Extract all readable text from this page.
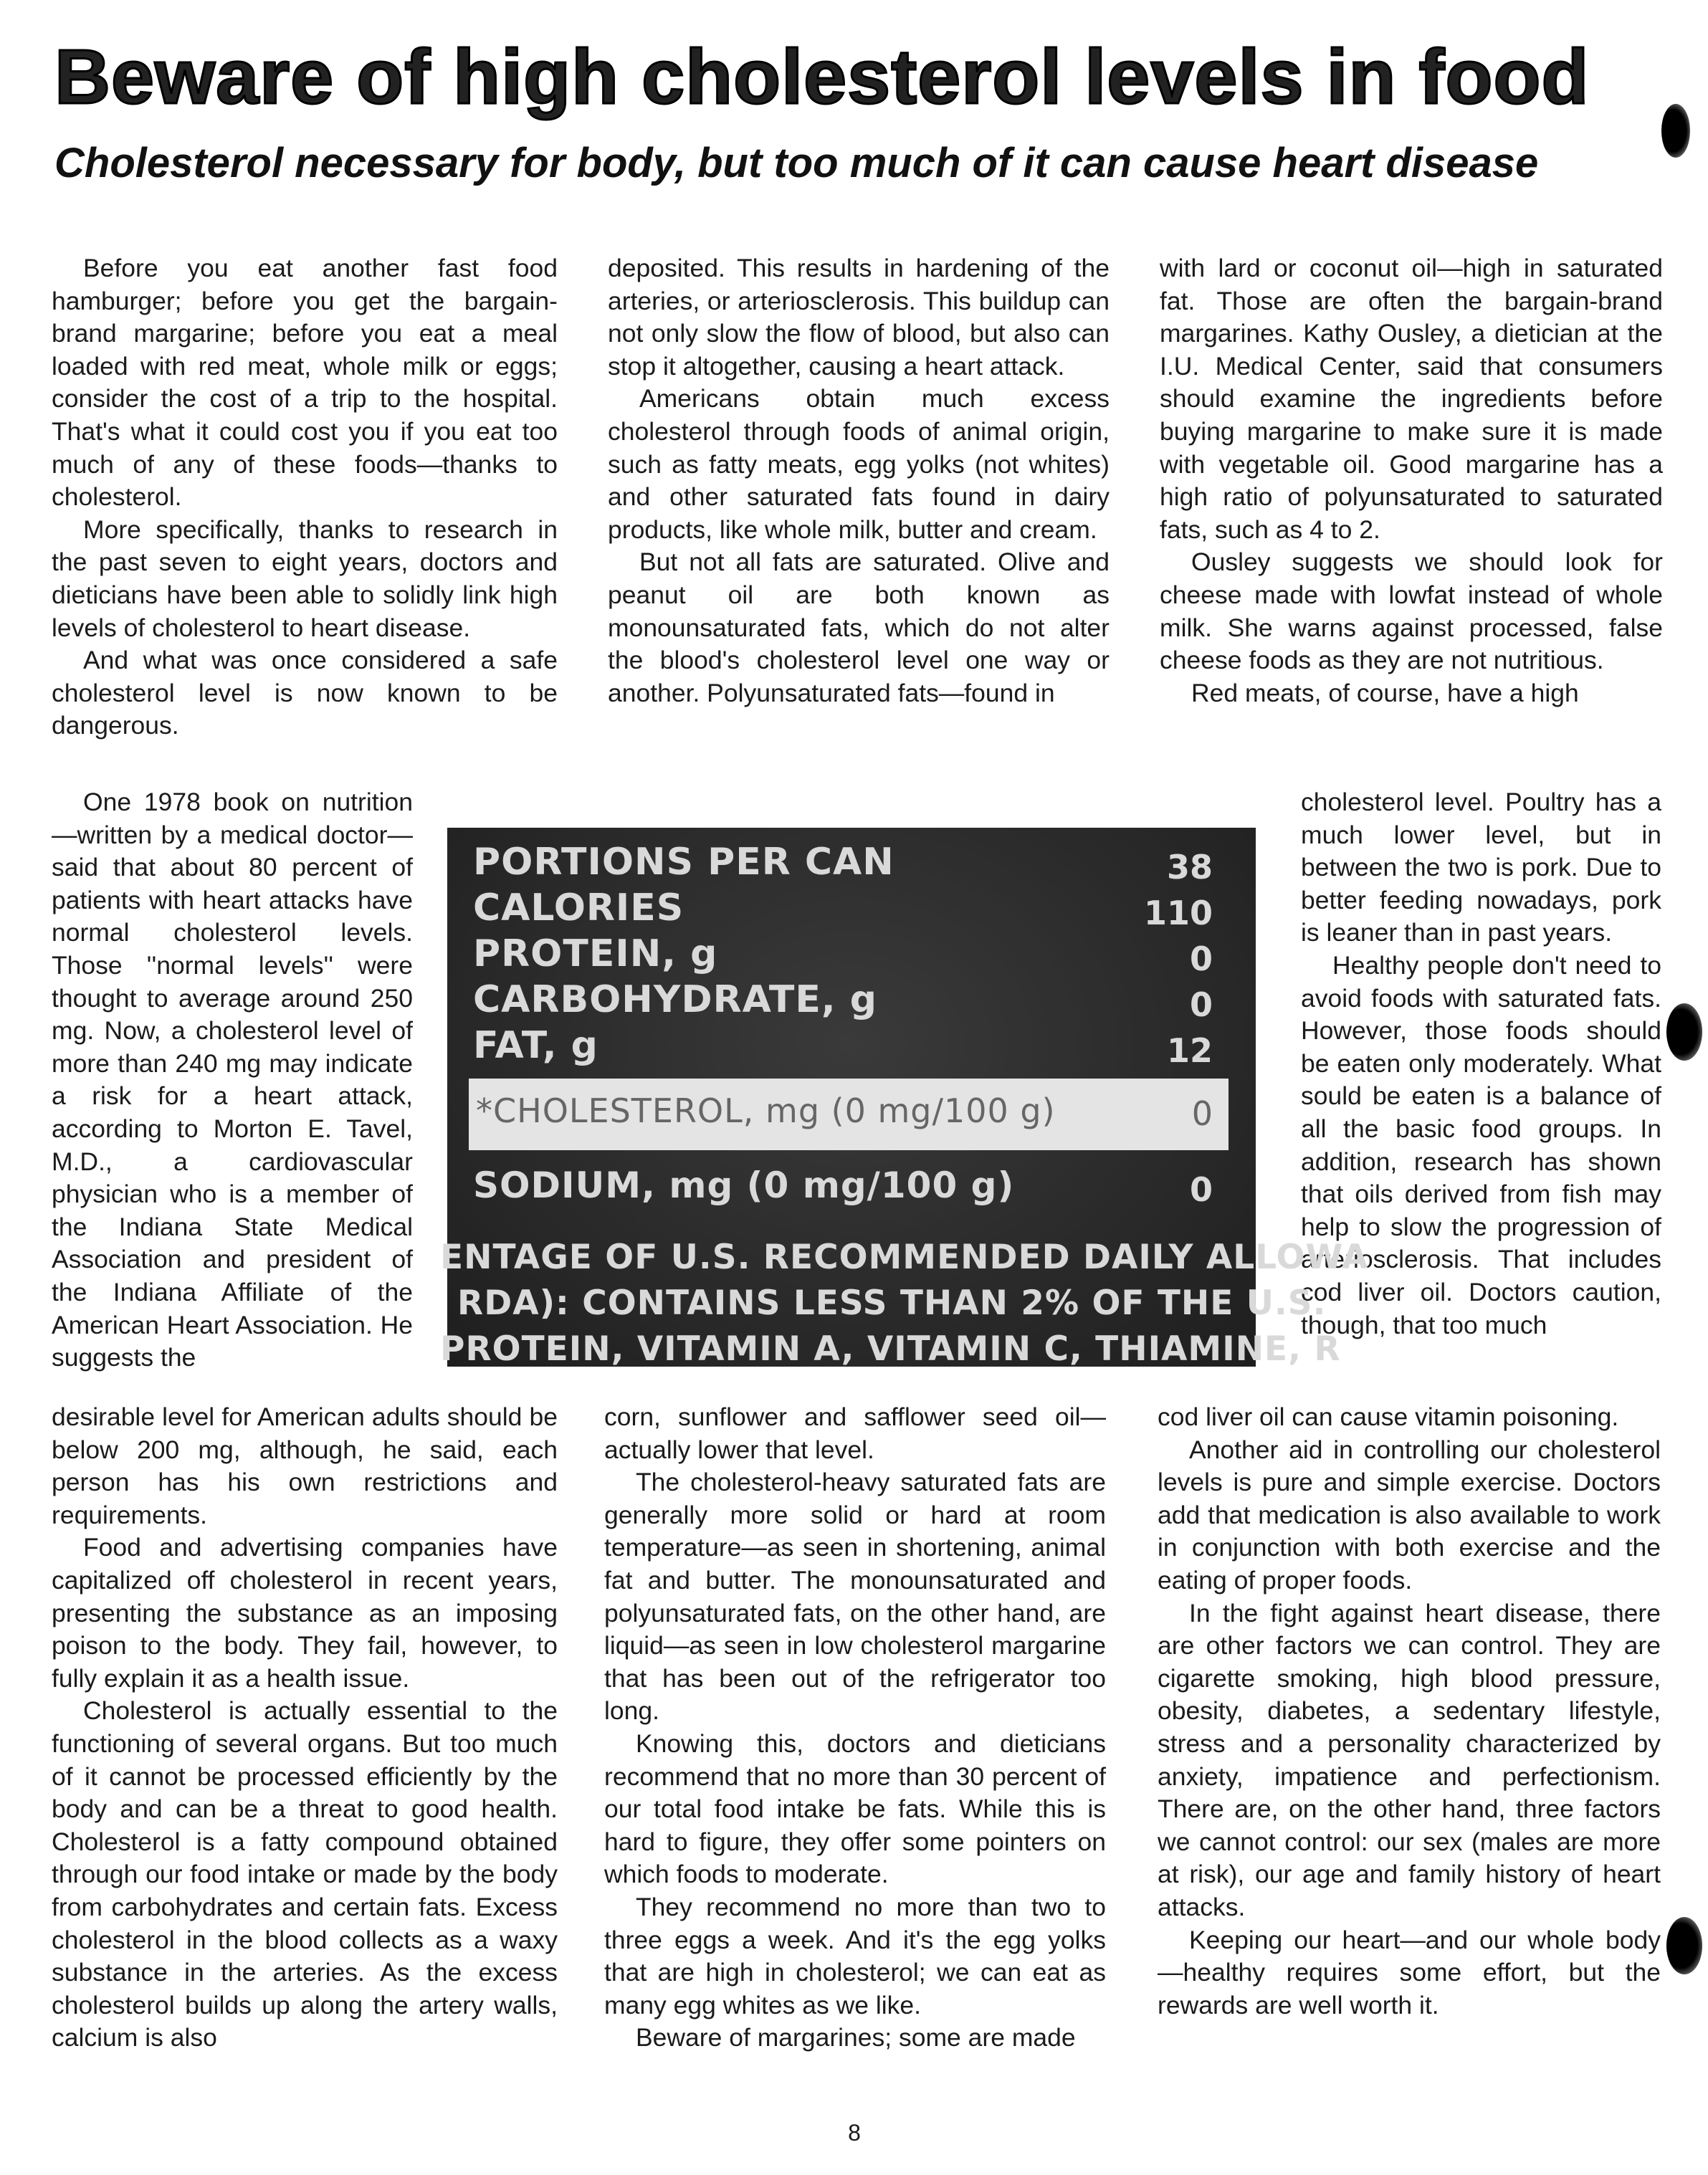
Beware of high cholesterol levels in food
Cholesterol necessary for body, but too much of it can cause heart disease

Before you eat another fast food hamburger; before you get the bargain-brand margarine; before you eat a meal loaded with red meat, whole milk or eggs; consider the cost of a trip to the hospital. That's what it could cost you if you eat too much of any of these foods—thanks to cholesterol.

More specifically, thanks to research in the past seven to eight years, doctors and dieticians have been able to solidly link high levels of cholesterol to heart disease.

And what was once considered a safe cholesterol level is now known to be dangerous.

One 1978 book on nutrition—written by a medical doctor—said that about 80 percent of patients with heart attacks have normal cholesterol levels. Those ''normal levels'' were thought to average around 250 mg. Now, a cholesterol level of more than 240 mg may indicate a risk for a heart attack, according to Morton E. Tavel, M.D., a cardiovascular physician who is a member of the Indiana State Medical Association and president of the Indiana Affiliate of the American Heart Association. He suggests the

desirable level for American adults should be below 200 mg, although, he said, each person has his own restrictions and requirements.

Food and advertising companies have capitalized off cholesterol in recent years, presenting the substance as an imposing poison to the body. They fail, however, to fully explain it as a health issue.

Cholesterol is actually essential to the functioning of several organs. But too much of it cannot be processed efficiently by the body and can be a threat to good health. Cholesterol is a fatty compound obtained through our food intake or made by the body from carbohydrates and certain fats. Excess cholesterol in the blood collects as a waxy substance in the arteries. As the excess cholesterol builds up along the artery walls, calcium is also

deposited. This results in hardening of the arteries, or arteriosclerosis. This buildup can not only slow the flow of blood, but also can stop it altogether, causing a heart attack.

Americans obtain much excess cholesterol through foods of animal origin, such as fatty meats, egg yolks (not whites) and other saturated fats found in dairy products, like whole milk, butter and cream.

But not all fats are saturated. Olive and peanut oil are both known as monounsaturated fats, which do not alter the blood's cholesterol level one way or another. Polyunsaturated fats—found in

corn, sunflower and safflower seed oil—actually lower that level.

The cholesterol-heavy saturated fats are generally more solid or hard at room temperature—as seen in shortening, animal fat and butter. The monounsaturated and polyunsaturated fats, on the other hand, are liquid—as seen in low cholesterol margarine that has been out of the refrigerator too long.

Knowing this, doctors and dieticians recommend that no more than 30 percent of our total food intake be fats. While this is hard to figure, they offer some pointers on which foods to moderate.

They recommend no more than two to three eggs a week. And it's the egg yolks that are high in cholesterol; we can eat as many egg whites as we like.

Beware of margarines; some are made

with lard or coconut oil—high in saturated fat. Those are often the bargain-brand margarines. Kathy Ousley, a dietician at the I.U. Medical Center, said that consumers should examine the ingredients before buying margarine to make sure it is made with vegetable oil. Good margarine has a high ratio of polyunsaturated to saturated fats, such as 4 to 2.

Ousley suggests we should look for cheese made with lowfat instead of whole milk. She warns against processed, false cheese foods as they are not nutritious.

Red meats, of course, have a high

cholesterol level. Poultry has a much lower level, but in between the two is pork. Due to better feeding nowadays, pork is leaner than in past years.

Healthy people don't need to avoid foods with saturated fats. However, those foods should be eaten only moderately. What sould be eaten is a balance of all the basic food groups. In addition, research has shown that oils derived from fish may help to slow the progression of arteriosclerosis. That includes cod liver oil. Doctors caution, though, that too much

cod liver oil can cause vitamin poisoning.

Another aid in controlling our cholesterol levels is pure and simple exercise. Doctors add that medication is also available to work in conjunction with both exercise and the eating of proper foods.

In the fight against heart disease, there are other factors we can control. They are cigarette smoking, high blood pressure, obesity, diabetes, a sedentary lifestyle, stress and a personality characterized by anxiety, impatience and perfectionism. There are, on the other hand, three factors we cannot control: our sex (males are more at risk), our age and family history of heart attacks.

Keeping our heart—and our whole body—healthy requires some effort, but the rewards are well worth it.

PORTIONS PER CAN	38
CALORIES	110
PROTEIN, g	0
CARBOHYDRATE, g	0
FAT, g	12
*CHOLESTEROL, mg (0 mg/100 g)	0
SODIUM, mg (0 mg/100 g)	0
ENTAGE OF U.S. RECOMMENDED DAILY ALLOWA
RDA): CONTAINS LESS THAN 2% OF THE U.S.
PROTEIN, VITAMIN A, VITAMIN C, THIAMINE, R
8
